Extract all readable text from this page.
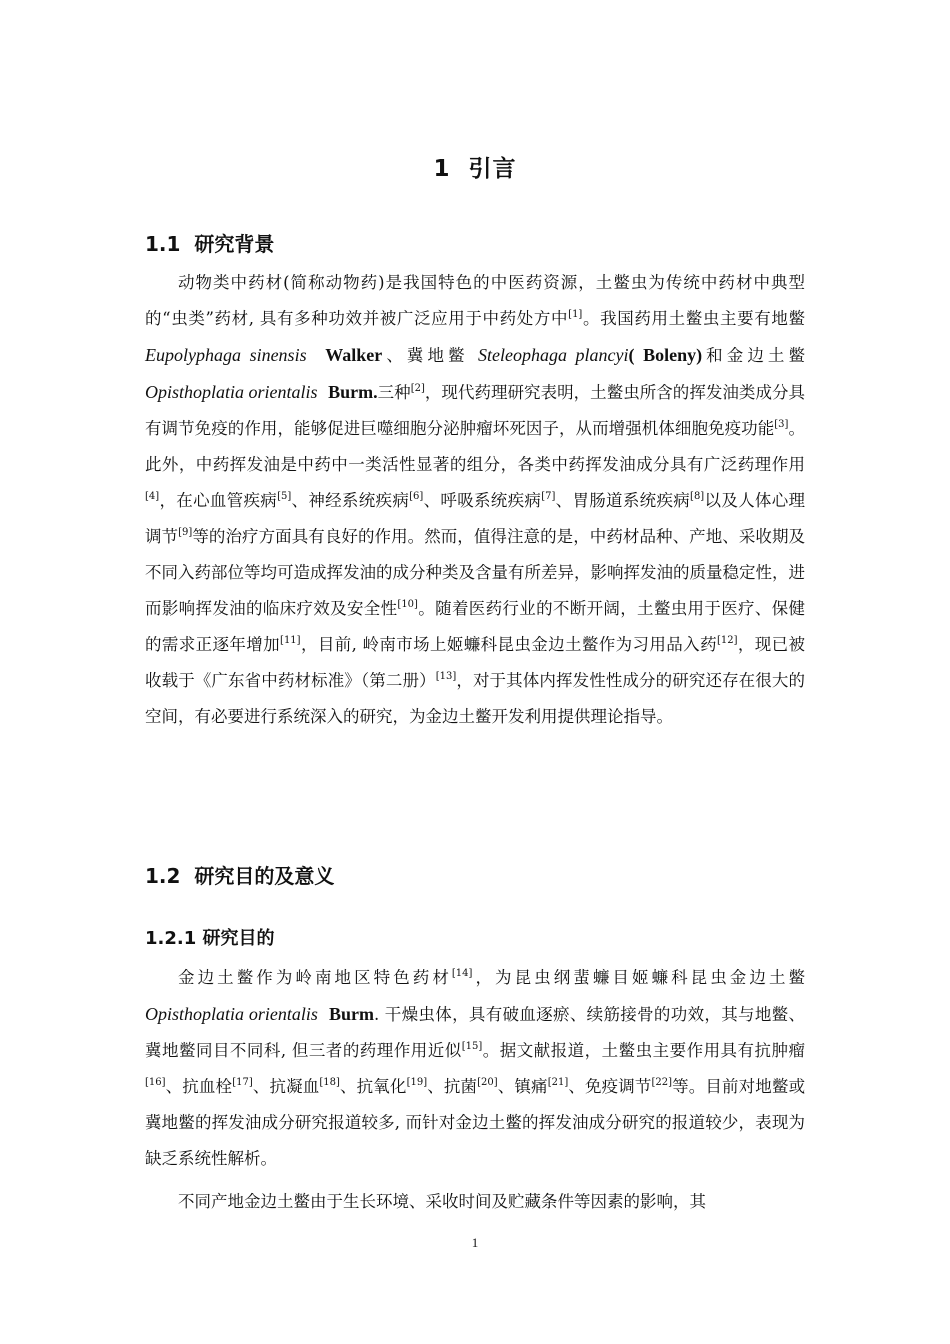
1 引言
1.1 研究背景

动物类中药材(简称动物药)是我国特色的中医药资源，土鳖虫为传统中药材中典型的“虫类”药材, 具有多种功效并被广泛应用于中药处方中[1]。我国药用土鳖虫主要有地鳖 Eupolyphaga sinensis Walker、冀地鳖 Steleophaga plancyi( Boleny)和金边土鳖 Opisthoplatia orientalis Burm.三种[2]，现代药理研究表明，土鳖虫所含的挥发油类成分具有调节免疫的作用，能够促进巨噬细胞分泌肿瘤坏死因子，从而增强机体细胞免疫功能[3]。此外，中药挥发油是中药中一类活性显著的组分，各类中药挥发油成分具有广泛药理作用[4]，在心血管疾病[5]、神经系统疾病[6]、呼吸系统疾病[7]、胃肠道系统疾病[8]以及人体心理调节[9]等的治疗方面具有良好的作用。然而，值得注意的是，中药材品种、产地、采收期及不同入药部位等均可造成挥发油的成分种类及含量有所差异，影响挥发油的质量稳定性，进而影响挥发油的临床疗效及安全性[10]。随着医药行业的不断开阔，土鳖虫用于医疗、保健的需求正逐年增加[11]，目前, 岭南市场上姬蠊科昆虫金边土鳖作为习用品入药[12]，现已被收载于《广东省中药材标准》（第二册）[13]，对于其体内挥发性性成分的研究还存在很大的空间，有必要进行系统深入的研究，为金边土鳖开发利用提供理论指导。

1.2 研究目的及意义
1.2.1 研究目的

金边土鳖作为岭南地区特色药材[14]，为昆虫纲蜚蠊目姬蠊科昆虫金边土鳖 Opisthoplatia orientalis Burm. 干燥虫体，具有破血逐瘀、续筋接骨的功效，其与地鳖、冀地鳖同目不同科, 但三者的药理作用近似[15]。据文献报道，土鳖虫主要作用具有抗肿瘤[16]、抗血栓[17]、抗凝血[18]、抗氧化[19]、抗菌[20]、镇痛[21]、免疫调节[22]等。目前对地鳖或冀地鳖的挥发油成分研究报道较多, 而针对金边土鳖的挥发油成分研究的报道较少，表现为缺乏系统性解析。

不同产地金边土鳖由于生长环境、采收时间及贮藏条件等因素的影响，其

1
